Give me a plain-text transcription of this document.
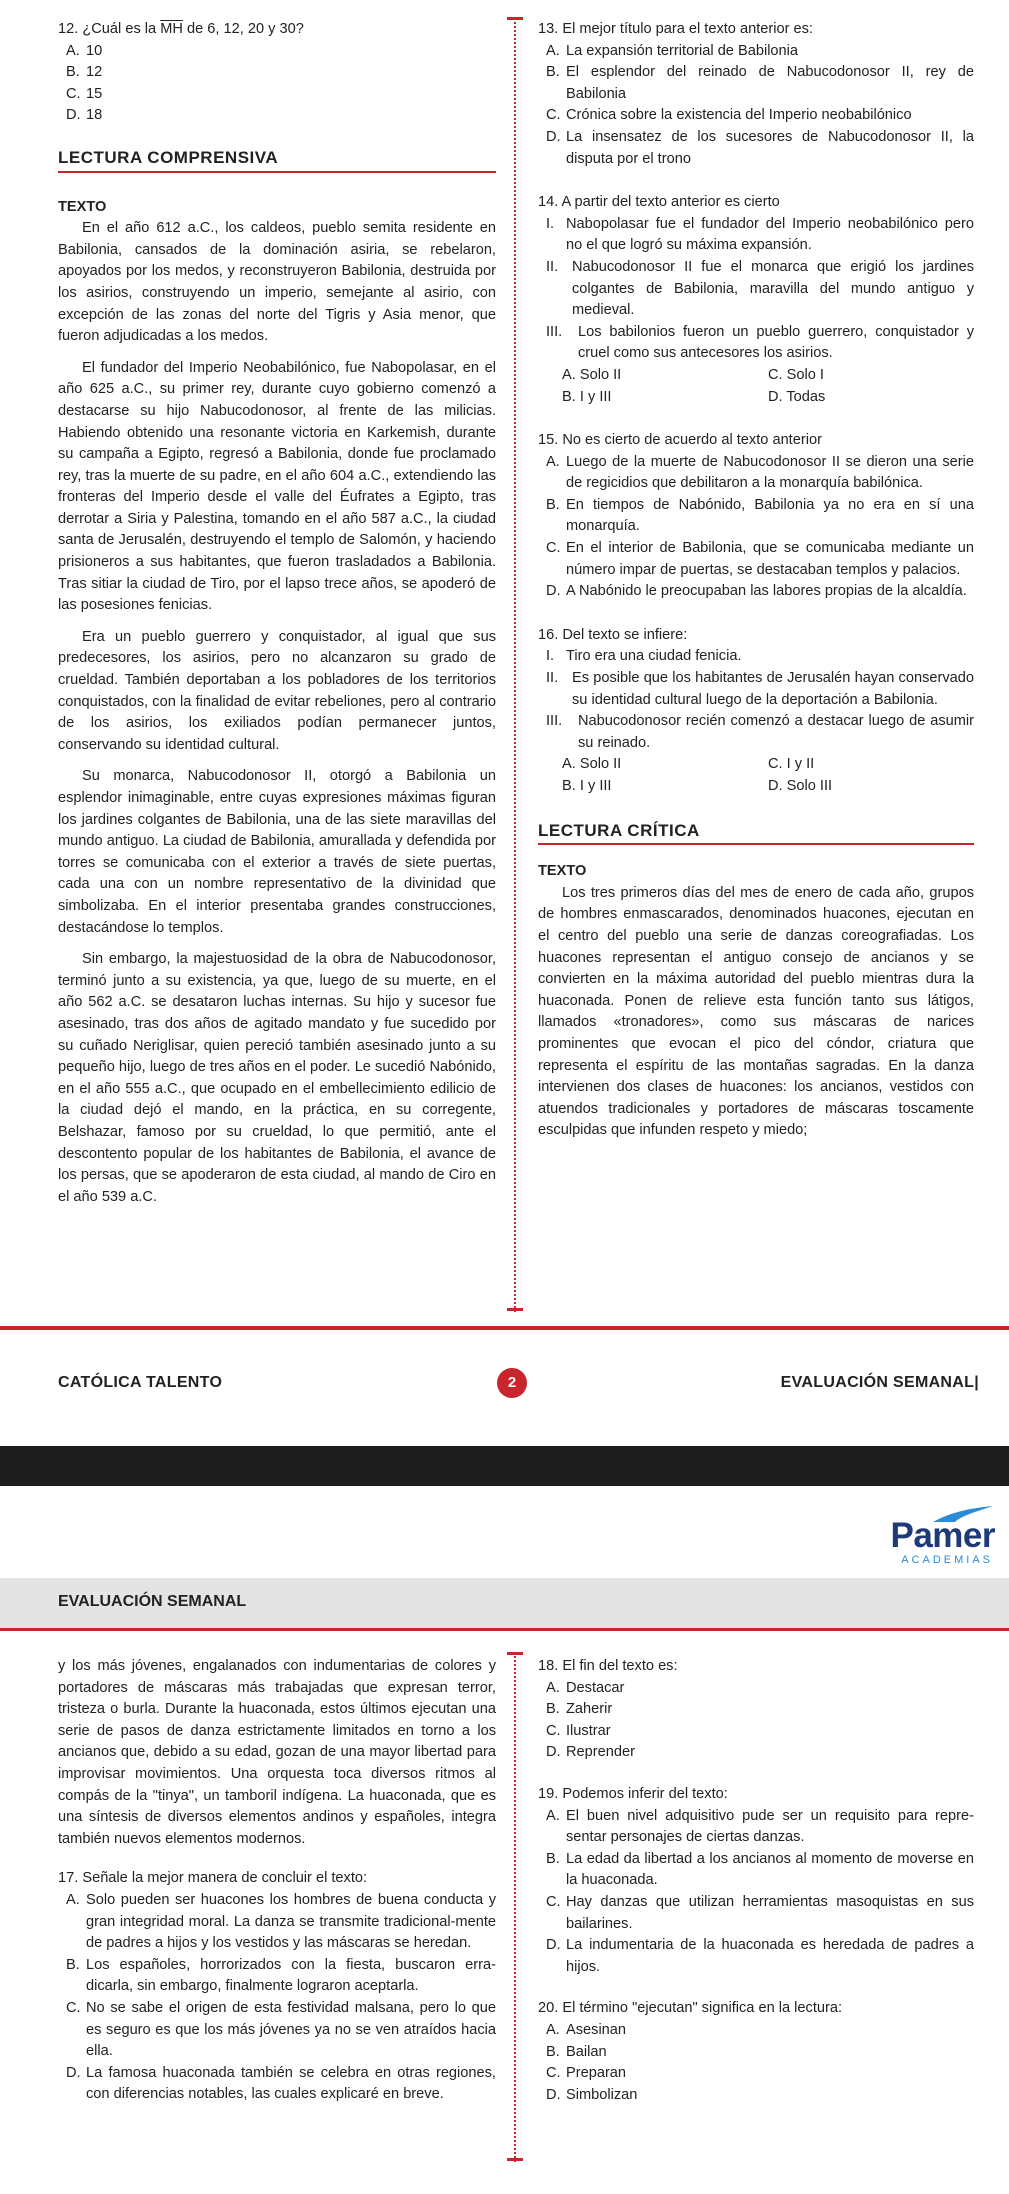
12. ¿Cuál es la $\overline{MH}$ de 6, 12, 20 y 30?

A. 10

B. 12

C. 15

D. 18

LECTURA COMPRENSIVA

TEXTO

En el año 612 a.C., los caldeos, pueblo semita residente en Babilonia, cansados de la dominación asiria, se rebelaron, apoyados por los medos, y reconstruyeron Babilonia, destruida por los asirios, construyendo un imperio, semejante al asirio, con excepción de las zonas del norte del Tigris y Asia menor, que fueron adjudicadas a los medos.

El fundador del Imperio Neobabilónico, fue Nabopolasar, en el año 625 a.C., su primer rey, durante cuyo gobierno comenzó a destacarse su hijo Nabucodonosor, al frente de las milicias. Habiendo obtenido una resonante victoria en Karkemish, durante su campaña a Egipto, regresó a Babilonia, donde fue proclamado rey, tras la muerte de su padre, en el año 604 a.C., extendiendo las fronteras del Imperio desde el valle del Éufrates a Egipto, tras derrotar a Siria y Palestina, tomando en el año 587 a.C., la ciudad santa de Jerusalén, destruyendo el templo de Salomón, y haciendo prisioneros a sus habitantes, que fueron trasladados a Babilonia. Tras sitiar la ciudad de Tiro, por el lapso trece años, se apoderó de las posesiones fenicias.

Era un pueblo guerrero y conquistador, al igual que sus predecesores, los asirios, pero no alcanzaron su grado de crueldad. También deportaban a los pobladores de los territorios conquistados, con la finalidad de evitar rebeliones, pero al contrario de los asirios, los exiliados podían permanecer juntos, conservando su identidad cultural.

Su monarca, Nabucodonosor II, otorgó a Babilonia un esplendor inimaginable, entre cuyas expresiones máximas figuran los jardines colgantes de Babilonia, una de las siete maravillas del mundo antiguo. La ciudad de Babilonia, amurallada y defendida por torres se comunicaba con el exterior a través de siete puertas, cada una con un nombre representativo de la divinidad que simbolizaba. En el interior presentaba grandes construcciones, destacándose lo templos.

Sin embargo, la majestuosidad de la obra de Nabucodonosor, terminó junto a su existencia, ya que, luego de su muerte, en el año 562 a.C. se desataron luchas internas. Su hijo y sucesor fue asesinado, tras dos años de agitado mandato y fue sucedido por su cuñado Neriglisar, quien pereció también asesinado junto a su pequeño hijo, luego de tres años en el poder. Le sucedió Nabónido, en el año 555 a.C., que ocupado en el embellecimiento edilicio de la ciudad dejó el mando, en la práctica, en su corregente, Belshazar, famoso por su crueldad, lo que permitió, ante el descontento popular de los habitantes de Babilonia, el avance de los persas, que se apoderaron de esta ciudad, al mando de Ciro en el año 539 a.C.

13. El mejor título para el texto anterior es:

A. La expansión territorial de Babilonia

B. El esplendor del reinado de Nabucodonosor II, rey de Babilonia

C. Crónica sobre la existencia del Imperio neobabilónico

D. La insensatez de los sucesores de Nabucodonosor II, la disputa por el trono

14. A partir del texto anterior es cierto

I. Nabopolasar fue el fundador del Imperio neobabilónico pero no el que logró su máxima expansión.

II. Nabucodonosor II fue el monarca que erigió los jardines colgantes de Babilonia, maravilla del mundo antiguo y medieval.

III. Los babilonios fueron un pueblo guerrero, conquistador y cruel como sus antecesores los asirios.

A. Solo II	C. Solo I
B. I y III	D. Todas

15. No es cierto de acuerdo al texto anterior

A. Luego de la muerte de Nabucodonosor II se dieron una serie de regicidios que debilitaron a la monarquía babilónica.

B. En tiempos de Nabónido, Babilonia ya no era en sí una monarquía.

C. En el interior de Babilonia, que se comunicaba mediante un número impar de puertas, se destacaban templos y palacios.

D. A Nabónido le preocupaban las labores propias de la alcaldía.

16. Del texto se infiere:

I. Tiro era una ciudad fenicia.

II. Es posible que los habitantes de Jerusalén hayan conservado su identidad cultural luego de la deportación a Babilonia.

III. Nabucodonosor recién comenzó a destacar luego de asumir su reinado.

A. Solo II	C. I y II
B. I y III	D. Solo III
LECTURA CRÍTICA

TEXTO

Los tres primeros días del mes de enero de cada año, grupos de hombres enmascarados, denominados huacones, ejecutan en el centro del pueblo una serie de danzas coreografiadas. Los huacones representan el antiguo consejo de ancianos y se convierten en la máxima autoridad del pueblo mientras dura la huaconada. Ponen de relieve esta función tanto sus látigos, llamados «tronadores», como sus máscaras de narices prominentes que evocan el pico del cóndor, criatura que representa el espíritu de las montañas sagradas. En la danza intervienen dos clases de huacones: los ancianos, vestidos con atuendos tradicionales y portadores de máscaras toscamente esculpidas que infunden respeto y miedo;

CATÓLICA TALENTO	2	EVALUACIÓN SEMANAL|
Pamer
ACADEMIAS
EVALUACIÓN SEMANAL

y los más jóvenes, engalanados con indumentarias de colores y portadores de máscaras más trabajadas que expresan terror, tristeza o burla. Durante la huaconada, estos últimos ejecutan una serie de pasos de danza estrictamente limitados en torno a los ancianos que, debido a su edad, gozan de una mayor libertad para improvisar movimientos. Una orquesta toca diversos ritmos al compás de la "tinya", un tamboril indígena. La huaconada, que es una síntesis de diversos elementos andinos y españoles, integra también nuevos elementos modernos.

17. Señale la mejor manera de concluir el texto:

A. Solo pueden ser huacones los hombres de buena conducta y gran integridad moral. La danza se transmite tradicional-mente de padres a hijos y los vestidos y las máscaras se heredan.

B. Los españoles, horrorizados con la fiesta, buscaron erra-dicarla, sin embargo, finalmente lograron aceptarla.

C. No se sabe el origen de esta festividad malsana, pero lo que es seguro es que los más jóvenes ya no se ven atraídos hacia ella.

D. La famosa huaconada también se celebra en otras regiones, con diferencias notables, las cuales explicaré en breve.

18. El fin del texto es:

A. Destacar

B. Zaherir

C. Ilustrar

D. Reprender

19. Podemos inferir del texto:

A. El buen nivel adquisitivo pude ser un requisito para repre-sentar personajes de ciertas danzas.

B. La edad da libertad a los ancianos al momento de moverse en la huaconada.

C. Hay danzas que utilizan herramientas masoquistas en sus bailarines.

D. La indumentaria de la huaconada es heredada de padres a hijos.

20. El término "ejecutan" significa en la lectura:

A. Asesinan

B. Bailan

C. Preparan

D. Simbolizan
